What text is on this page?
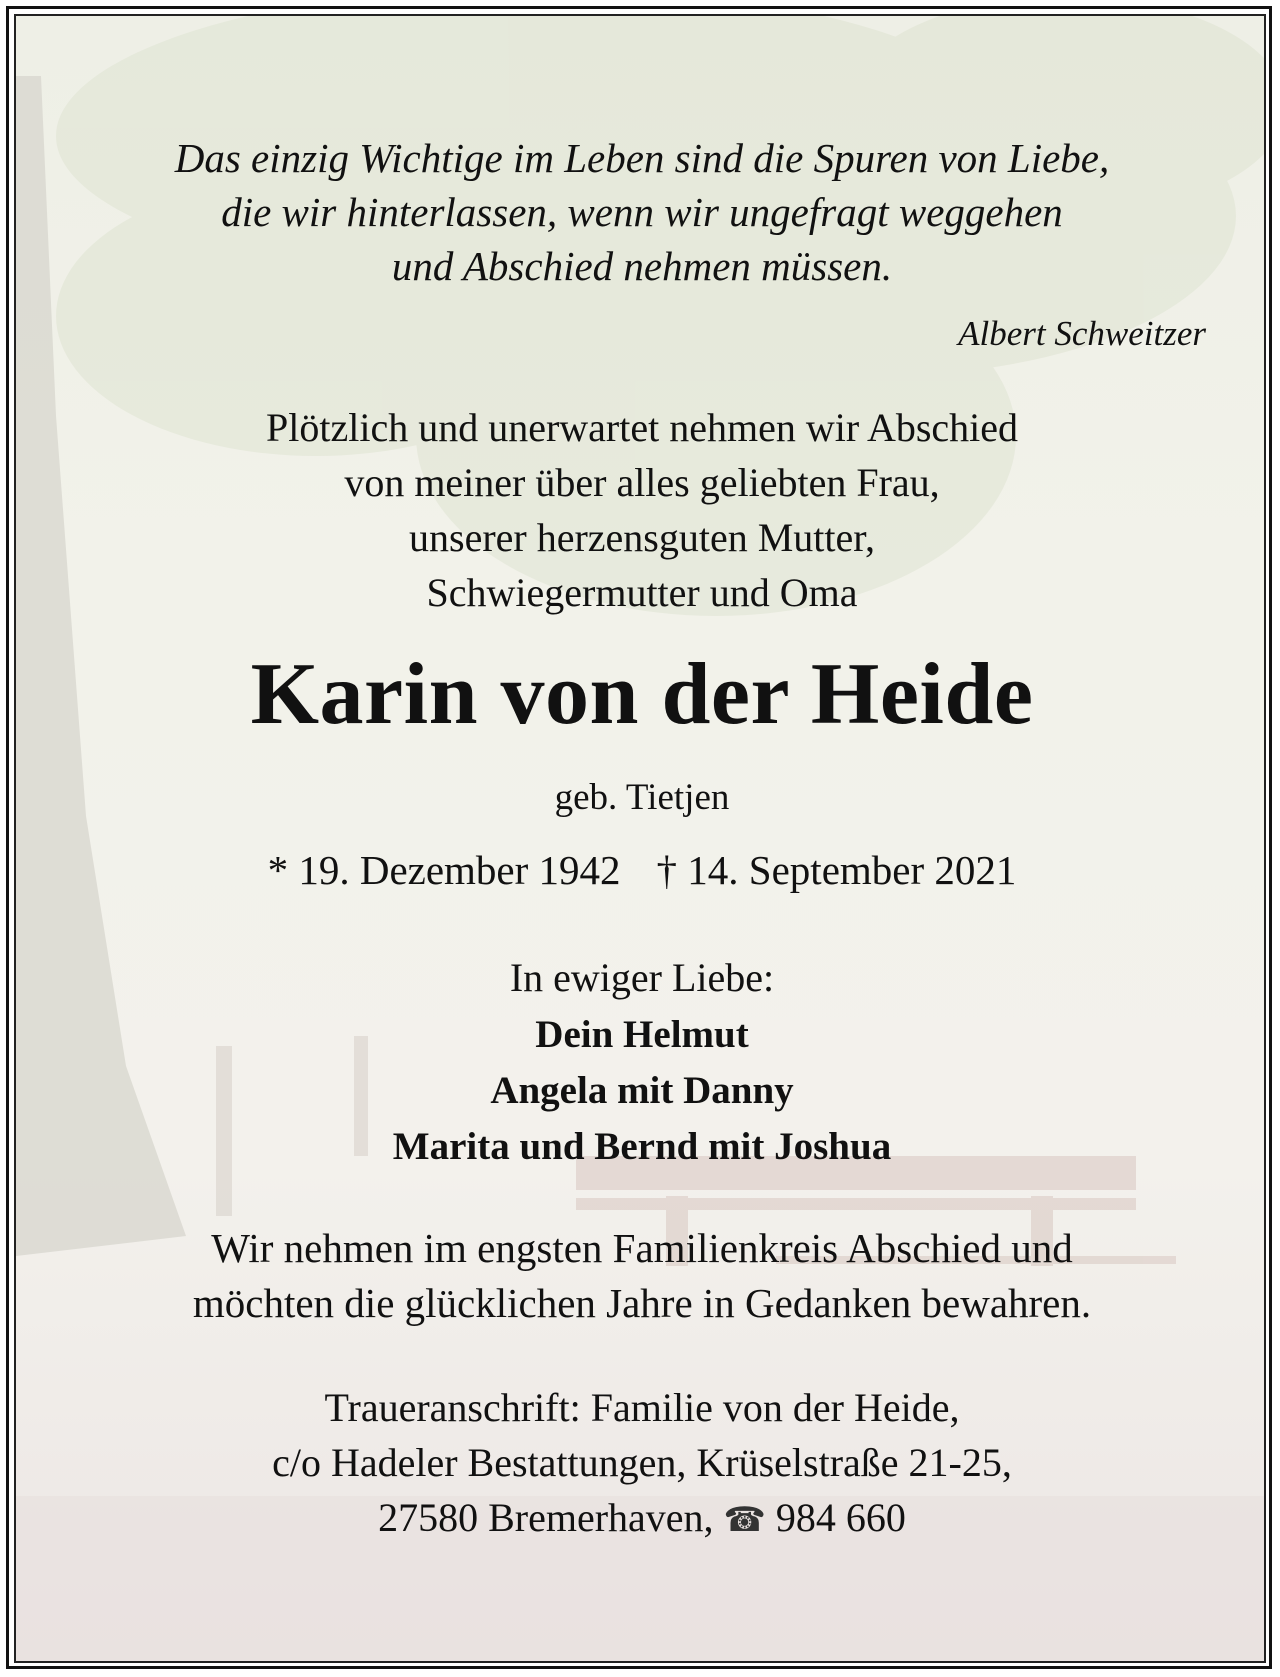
Das einzig Wichtige im Leben sind die Spuren von Liebe,
die wir hinterlassen, wenn wir ungefragt weggehen
und Abschied nehmen müssen.
Albert Schweitzer
Plötzlich und unerwartet nehmen wir Abschied
von meiner über alles geliebten Frau,
unserer herzensguten Mutter,
Schwiegermutter und Oma
Karin von der Heide
geb. Tietjen
* 19. Dezember 1942 † 14. September 2021
In ewiger Liebe:
Dein Helmut
Angela mit Danny
Marita und Bernd mit Joshua
Wir nehmen im engsten Familienkreis Abschied und
möchten die glücklichen Jahre in Gedanken bewahren.
Traueranschrift: Familie von der Heide,
c/o Hadeler Bestattungen, Krüselstraße 21-25,
27580 Bremerhaven, ☎ 984 660
